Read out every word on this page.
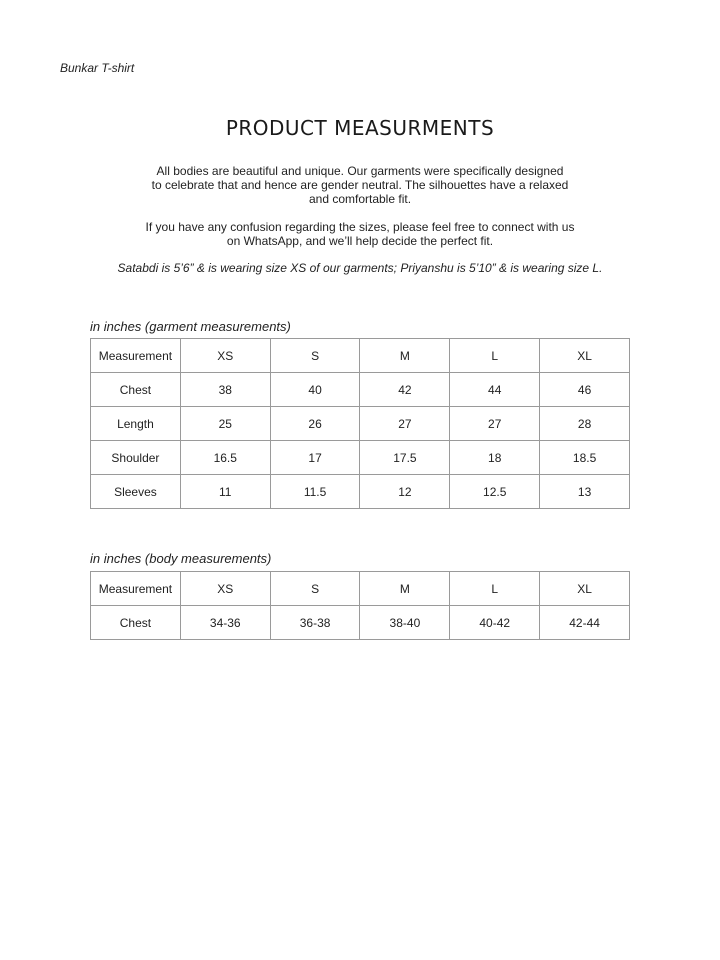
Bunkar T-shirt
PRODUCT MEASURMENTS

All bodies are beautiful and unique. Our garments were specifically designed
to celebrate that and hence are gender neutral. The silhouettes have a relaxed
and comfortable fit.

If you have any confusion regarding the sizes, please feel free to connect with us
on WhatsApp, and we’ll help decide the perfect fit.

Satabdi is 5’6” & is wearing size XS of our garments; Priyanshu is 5’10” & is wearing size L.

in inches (garment measurements)
Measurement	XS	S	M	L	XL
Chest	38	40	42	44	46
Length	25	26	27	27	28
Shoulder	16.5	17	17.5	18	18.5
Sleeves	11	11.5	12	12.5	13
in inches (body measurements)
Measurement	XS	S	M	L	XL
Chest	34-36	36-38	38-40	40-42	42-44
